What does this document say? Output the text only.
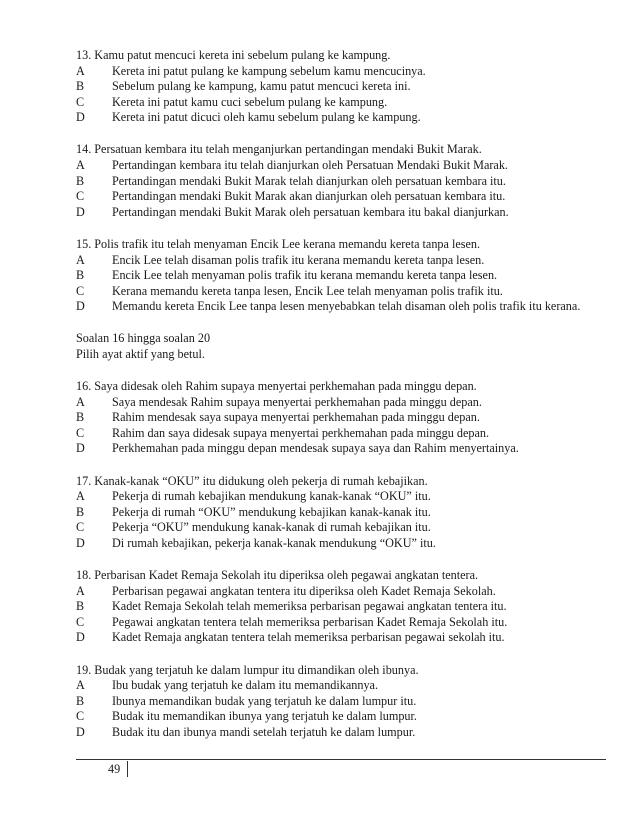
13. Kamu patut mencuci kereta ini sebelum pulang ke kampung.
A	Kereta ini patut pulang ke kampung sebelum kamu mencucinya.
B	Sebelum pulang ke kampung, kamu patut mencuci kereta ini.
C	Kereta ini patut kamu cuci sebelum pulang ke kampung.
D	Kereta ini patut dicuci oleh kamu sebelum pulang ke kampung.
14. Persatuan kembara itu telah menganjurkan pertandingan mendaki Bukit Marak.
A	Pertandingan kembara itu telah dianjurkan oleh Persatuan Mendaki Bukit Marak.
B	Pertandingan mendaki Bukit Marak telah dianjurkan oleh persatuan kembara itu.
C	Pertandingan mendaki Bukit Marak akan dianjurkan oleh persatuan kembara itu.
D	Pertandingan mendaki Bukit Marak oleh persatuan kembara itu bakal dianjurkan.
15. Polis trafik itu telah menyaman Encik Lee kerana memandu kereta tanpa lesen.
A	Encik Lee telah disaman polis trafik itu kerana memandu kereta tanpa lesen.
B	Encik Lee telah menyaman polis trafik itu kerana memandu kereta tanpa lesen.
C	Kerana memandu kereta tanpa lesen, Encik Lee telah menyaman polis trafik itu.
D	Memandu kereta Encik Lee tanpa lesen menyebabkan telah disaman oleh polis trafik itu kerana.
Soalan 16 hingga soalan 20
Pilih ayat aktif yang betul.
16. Saya didesak oleh Rahim supaya menyertai perkhemahan pada minggu depan.
A	Saya mendesak Rahim supaya menyertai perkhemahan pada minggu depan.
B	Rahim mendesak saya supaya menyertai perkhemahan pada minggu depan.
C	Rahim dan saya didesak supaya menyertai perkhemahan pada minggu depan.
D	Perkhemahan pada minggu depan mendesak supaya saya dan Rahim menyertainya.
17. Kanak-kanak “OKU” itu didukung oleh pekerja di rumah kebajikan.
A	Pekerja di rumah kebajikan mendukung kanak-kanak “OKU” itu.
B	Pekerja di rumah “OKU” mendukung kebajikan kanak-kanak itu.
C	Pekerja “OKU” mendukung kanak-kanak di rumah kebajikan itu.
D	Di rumah kebajikan, pekerja kanak-kanak mendukung “OKU” itu.
18. Perbarisan Kadet Remaja Sekolah itu diperiksa oleh pegawai angkatan tentera.
A	Perbarisan pegawai angkatan tentera itu diperiksa oleh Kadet Remaja Sekolah.
B	Kadet Remaja Sekolah telah memeriksa perbarisan pegawai angkatan tentera itu.
C	Pegawai angkatan tentera telah memeriksa perbarisan Kadet Remaja Sekolah itu.
D	Kadet Remaja angkatan tentera telah memeriksa perbarisan pegawai sekolah itu.
19. Budak yang terjatuh ke dalam lumpur itu dimandikan oleh ibunya.
A	Ibu budak yang terjatuh ke dalam itu memandikannya.
B	Ibunya memandikan budak yang terjatuh ke dalam lumpur itu.
C	Budak itu memandikan ibunya yang terjatuh ke dalam lumpur.
D	Budak itu dan ibunya mandi setelah terjatuh ke dalam lumpur.
49
